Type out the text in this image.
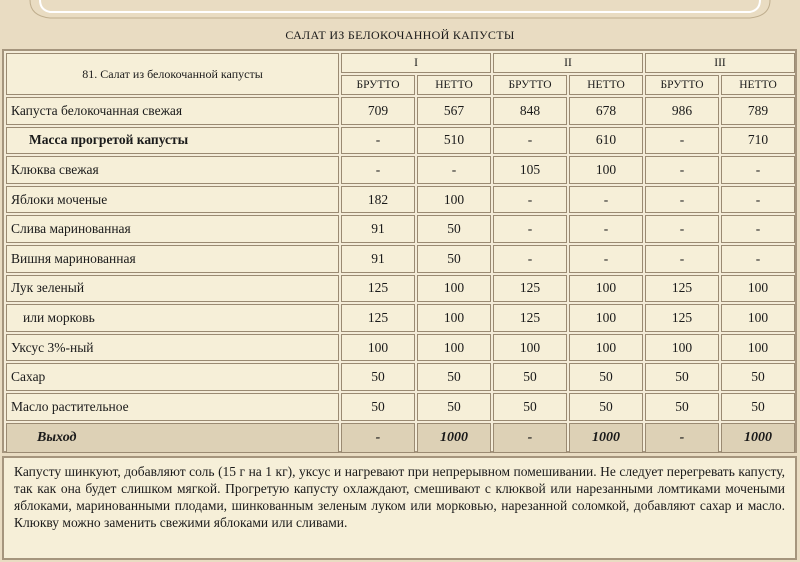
САЛАТ ИЗ БЕЛОКОЧАННОЙ КАПУСТЫ
81. Салат из белокочанной капусты	I		II		III	
	БРУТТО	НЕТТО	БРУТТО	НЕТТО	БРУТТО	НЕТТО
Капуста белокочанная свежая	709	567	848	678	986	789
Масса прогретой капусты	-	510	-	610	-	710
Клюква свежая	-	-	105	100	-	-
Яблоки моченые	182	100	-	-	-	-
Слива маринованная	91	50	-	-	-	-
Вишня маринованная	91	50	-	-	-	-
Лук зеленый	125	100	125	100	125	100
или морковь	125	100	125	100	125	100
Уксус 3%-ный	100	100	100	100	100	100
Сахар	50	50	50	50	50	50
Масло растительное	50	50	50	50	50	50
Выход	-	1000	-	1000	-	1000
Капусту шинкуют, добавляют соль (15 г на 1 кг), уксус и нагревают при непрерывном помешивании. Не следует перегревать капусту, так как она будет слишком мягкой. Прогретую капусту охлаждают, смешивают с клюквой или нарезанными ломтиками мочеными яблоками, маринованными плодами, шинкованным зеленым луком или морковью, нарезанной соломкой, добавляют сахар и масло. Клюкву можно заменить свежими яблоками или сливами.
